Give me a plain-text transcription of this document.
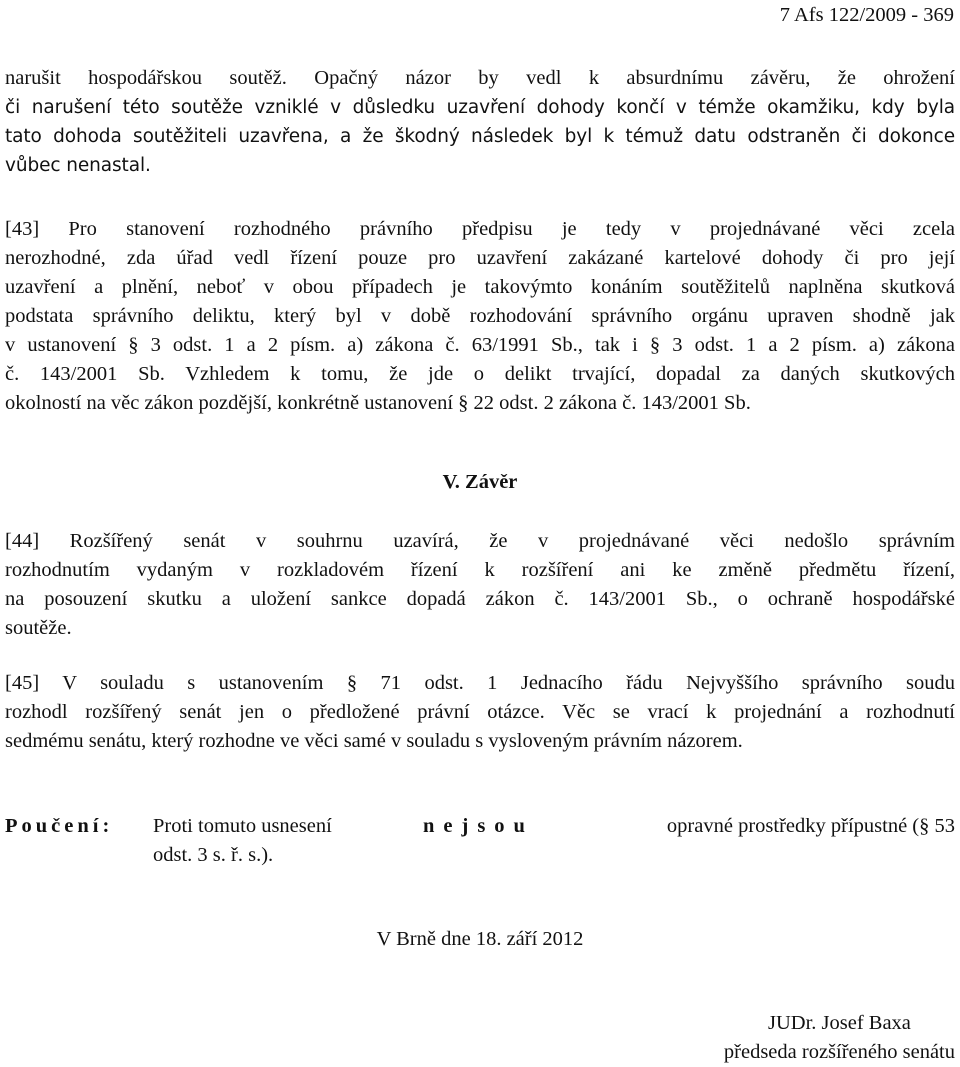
7 Afs 122/2009 - 369
narušit hospodářskou soutěž. Opačný názor by vedl k absurdnímu závěru, že ohrožení
či narušení této soutěže vzniklé v důsledku uzavření dohody končí v témže okamžiku, kdy byla
tato dohoda soutěžiteli uzavřena, a že škodný následek byl k témuž datu odstraněn či dokonce
vůbec nenastal.
[43] Pro stanovení rozhodného právního předpisu je tedy v projednávané věci zcela
nerozhodné, zda úřad vedl řízení pouze pro uzavření zakázané kartelové dohody či pro její
uzavření a plnění, neboť v obou případech je takovýmto konáním soutěžitelů naplněna skutková
podstata správního deliktu, který byl v době rozhodování správního orgánu upraven shodně jak
v ustanovení § 3 odst. 1 a 2 písm. a) zákona č. 63/1991 Sb., tak i § 3 odst. 1 a 2 písm. a) zákona
č. 143/2001 Sb. Vzhledem k tomu, že jde o delikt trvající, dopadal za daných skutkových
okolností na věc zákon pozdější, konkrétně ustanovení § 22 odst. 2 zákona č. 143/2001 Sb.
V. Závěr
[44] Rozšířený senát v souhrnu uzavírá, že v projednávané věci nedošlo správním
rozhodnutím vydaným v rozkladovém řízení k rozšíření ani ke změně předmětu řízení,
na posouzení skutku a uložení sankce dopadá zákon č. 143/2001 Sb., o ochraně hospodářské
soutěže.
[45] V souladu s ustanovením § 71 odst. 1 Jednacího řádu Nejvyššího správního soudu
rozhodl rozšířený senát jen o předložené právní otázce. Věc se vrací k projednání a rozhodnutí
sedmému senátu, který rozhodne ve věci samé v souladu s vysloveným právním názorem.
Poučení: Proti tomuto usnesení	nejsou	opravné prostředky přípustné (§ 53
odst. 3 s. ř. s.).
V Brně dne 18. září 2012
JUDr. Josef Baxa
předseda rozšířeného senátu
